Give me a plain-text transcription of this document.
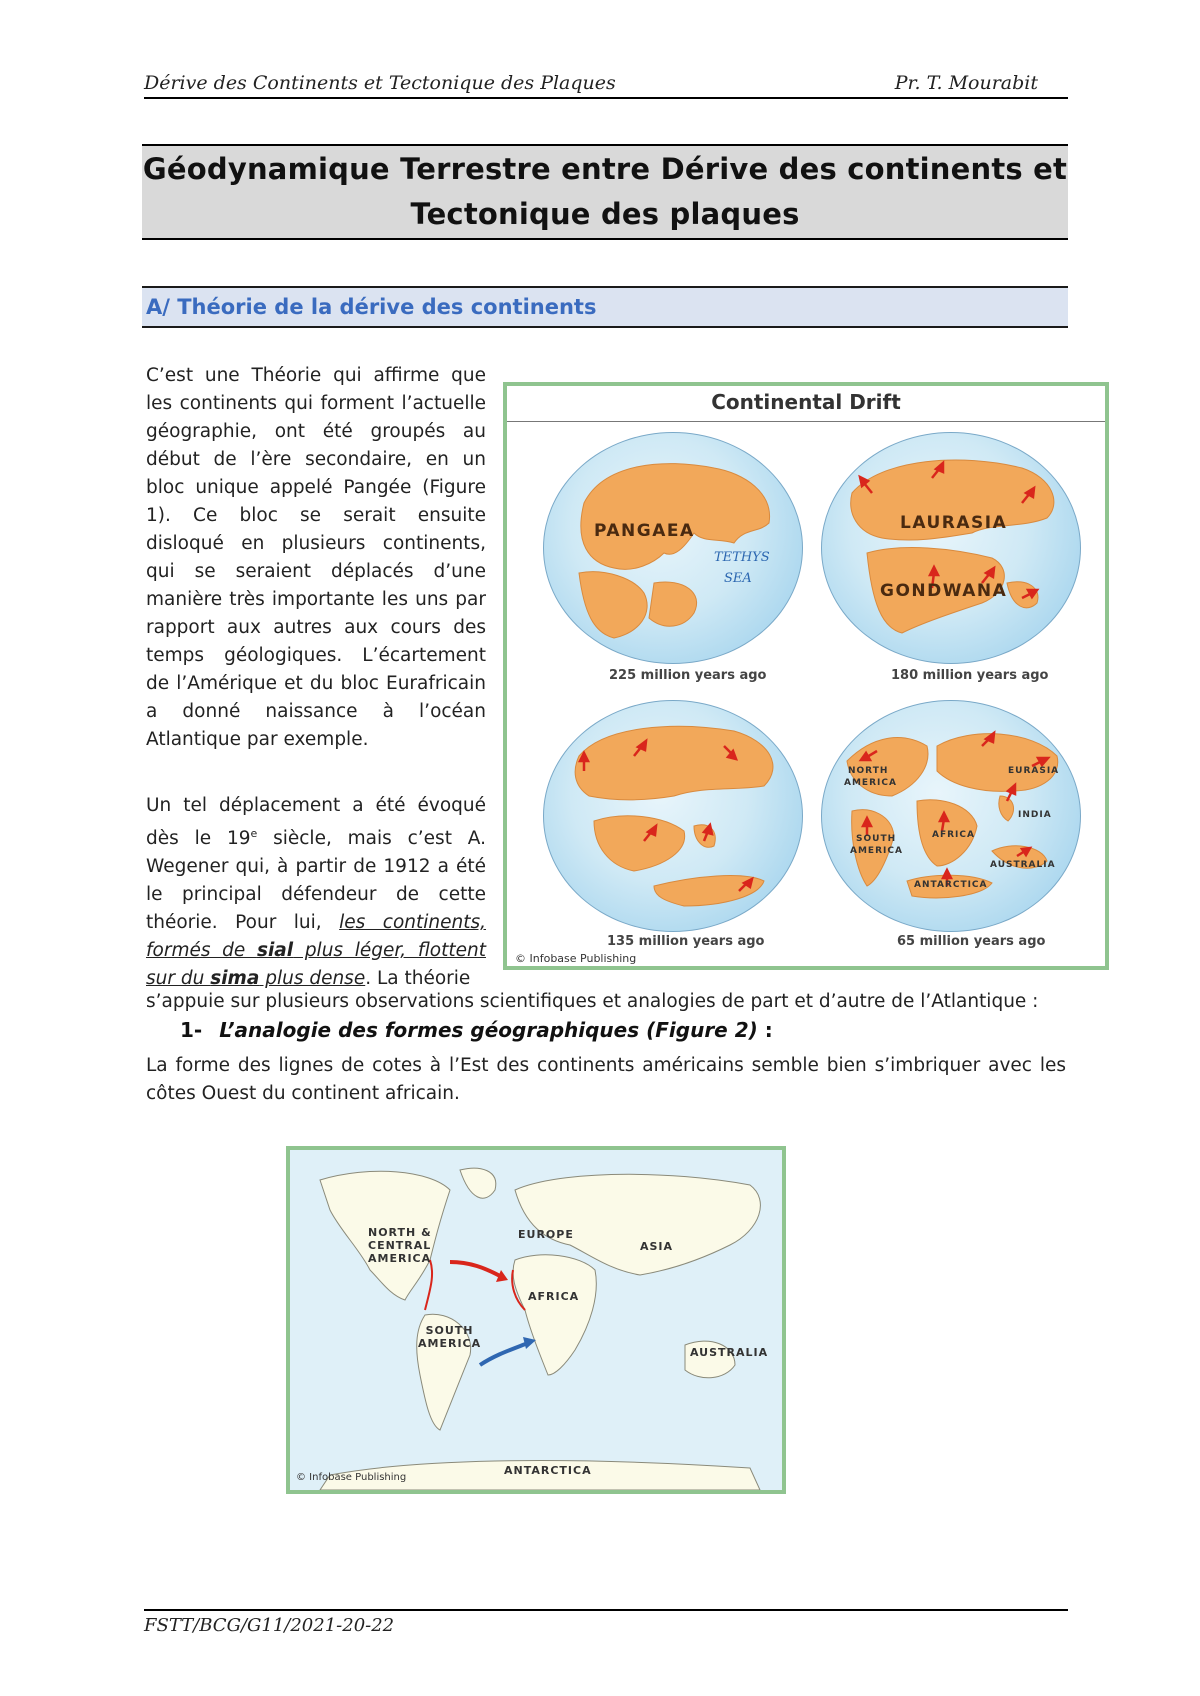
Dérive des Continents et Tectonique des Plaques	Pr. T. Mourabit
Géodynamique Terrestre entre Dérive des continents et
Tectonique des plaques
A/ Théorie de la dérive des continents
C’est une Théorie qui affirme que les continents qui forment l’actuelle géographie, ont été groupés au début de l’ère secondaire, en un bloc unique appelé Pangée (Figure 1). Ce bloc se serait ensuite disloqué en plusieurs continents, qui se seraient déplacés d’une manière très importante les uns par rapport aux autres aux cours des temps géologiques. L’écartement de l’Amérique et du bloc Eurafricain a donné naissance à l’océan Atlantique par exemple.
Un tel déplacement a été évoqué dès le 19e siècle, mais c’est A. Wegener qui, à partir de 1912 a été le principal défendeur de cette théorie. Pour lui, les continents, formés de sial plus léger, flottent sur du sima plus dense. La théorie
s’appuie sur plusieurs observations scientifiques et analogies de part et d’autre de l’Atlantique :
1- L’analogie des formes géographiques (Figure 2) :
La forme des lignes de cotes à l’Est des continents américains semble bien s’imbriquer avec les côtes Ouest du continent africain.
Continental Drift
PANGAEA
TETHYS
SEA
225 million years ago
LAURASIA
GONDWANA
180 million years ago
135 million years ago
NORTH
AMERICA
EURASIA
INDIA
AFRICA
SOUTH
AMERICA
AUSTRALIA
ANTARCTICA
65 million years ago
© Infobase Publishing
NORTH &
CENTRAL
AMERICA
SOUTH
AMERICA
EUROPE
ASIA
AFRICA
AUSTRALIA
ANTARCTICA
© Infobase Publishing
FSTT/BCG/G11/2021-20-22
